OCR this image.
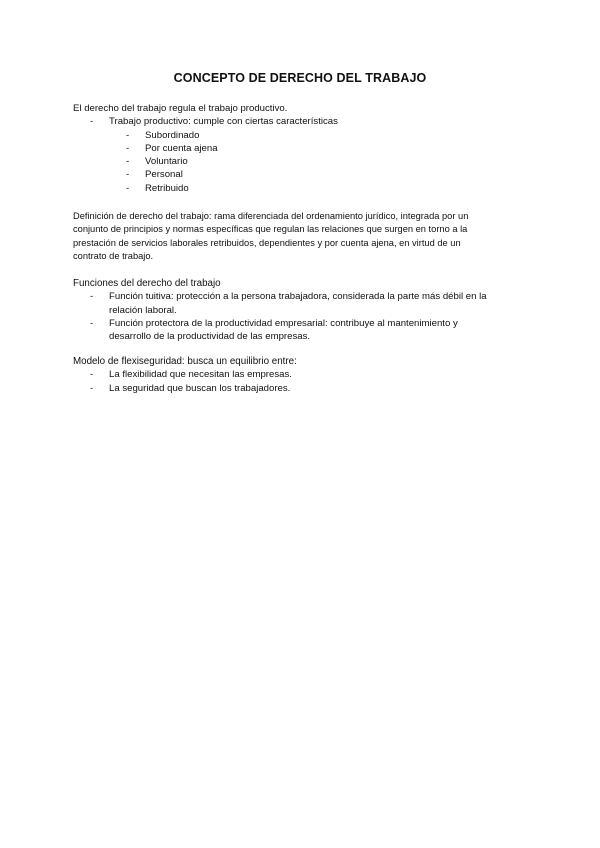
CONCEPTO DE DERECHO DEL TRABAJO
El derecho del trabajo regula el trabajo productivo.
- Trabajo productivo: cumple con ciertas características
- Subordinado
- Por cuenta ajena
- Voluntario
- Personal
- Retribuido
Definición de derecho del trabajo: rama diferenciada del ordenamiento jurídico, integrada por un
conjunto de principios y normas específicas que regulan las relaciones que surgen en torno a la
prestación de servicios laborales retribuidos, dependientes y por cuenta ajena, en virtud de un
contrato de trabajo.
Funciones del derecho del trabajo
- Función tuitiva: protección a la persona trabajadora, considerada la parte más débil en la
relación laboral.
- Función protectora de la productividad empresarial: contribuye al mantenimiento y
desarrollo de la productividad de las empresas.
Modelo de flexiseguridad: busca un equilibrio entre:
- La flexibilidad que necesitan las empresas.
- La seguridad que buscan los trabajadores.
